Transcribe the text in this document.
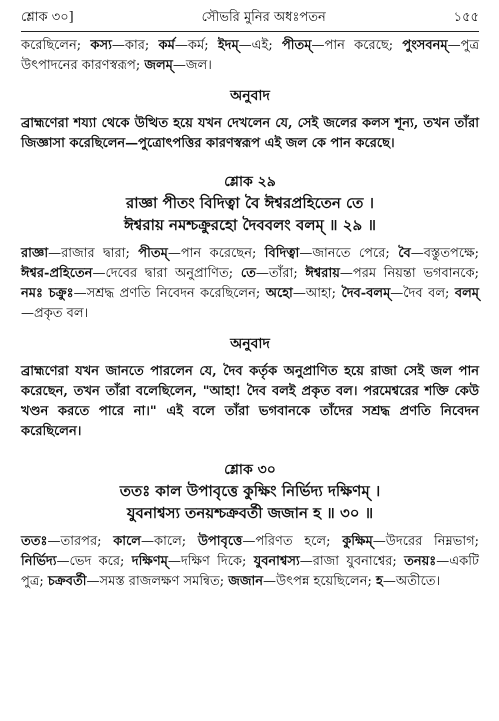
শ্লোক ৩০]	সৌভরি মুনির অধঃপতন	১৫৫

করেছিলেন; কস্য—কার; কর্ম—কর্ম; ইদম্—এই; পীতম্—পান করেছে; পুংসবনম্—পুত্র উৎপাদনের কারণস্বরূপ; জলম্—জল।

অনুবাদ

ব্রাহ্মণেরা শয্যা থেকে উত্থিত হয়ে যখন দেখলেন যে, সেই জলের কলস শূন্য, তখন তাঁরা জিজ্ঞাসা করেছিলেন—পুত্রোৎপত্তির কারণস্বরূপ এই জল কে পান করেছে।

শ্লোক ২৯
রাজ্ঞা পীতং বিদিত্বা বৈ ঈশ্বরপ্রহিতেন তে ।
ঈশ্বরায় নমশ্চক্রুরহো দৈববলং বলম্ ॥ ২৯ ॥

রাজ্ঞা—রাজার দ্বারা; পীতম্—পান করেছেন; বিদিত্বা—জানতে পেরে; বৈ—বস্তুতপক্ষে; ঈশ্বর-প্রহিতেন—দেবের দ্বারা অনুপ্রাণিত; তে—তাঁরা; ঈশ্বরায়—পরম নিয়ন্তা ভগবানকে; নমঃ চক্রুঃ—সশ্রদ্ধ প্রণতি নিবেদন করেছিলেন; অহো—আহা; দৈব-বলম্—দৈব বল; বলম্—প্রকৃত বল।

অনুবাদ

ব্রাহ্মণেরা যখন জানতে পারলেন যে, দৈব কর্তৃক অনুপ্রাণিত হয়ে রাজা সেই জল পান করেছেন, তখন তাঁরা বলেছিলেন, "আহা! দৈব বলই প্রকৃত বল। পরমেশ্বরের শক্তি কেউ খণ্ডন করতে পারে না।" এই বলে তাঁরা ভগবানকে তাঁদের সশ্রদ্ধ প্রণতি নিবেদন করেছিলেন।

শ্লোক ৩০
ততঃ কাল উপাবৃত্তে কুক্ষিং নির্ভিদ্য দক্ষিণম্ ।
যুবনাশ্বস্য তনয়শ্চক্রবর্তী জজান হ ॥ ৩০ ॥

ততঃ—তারপর; কালে—কালে; উপাবৃত্তে—পরিণত হলে; কুক্ষিম্—উদরের নিম্নভাগ; নির্ভিদ্য—ভেদ করে; দক্ষিণম্—দক্ষিণ দিকে; যুবনাশ্বস্য—রাজা যুবনাশ্বের; তনয়ঃ—একটি পুত্র; চক্রবর্তী—সমস্ত রাজলক্ষণ সমন্বিত; জজান—উৎপন্ন হয়েছিলেন; হ—অতীতে।
